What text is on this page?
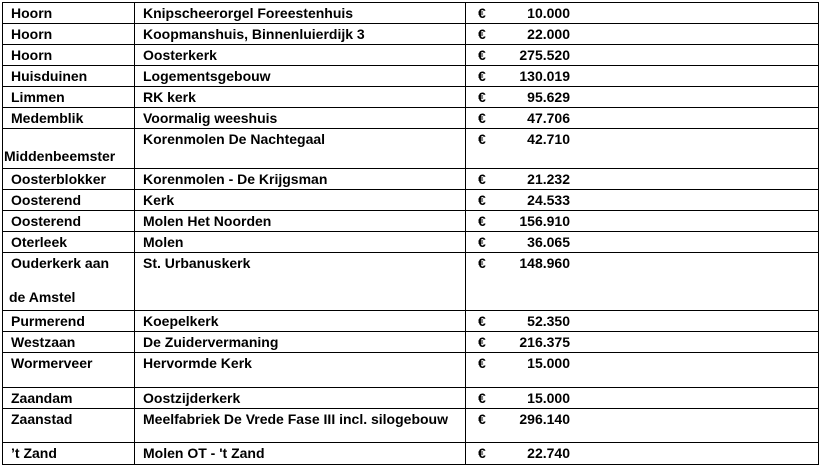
Hoorn	Knipscheerorgel Foreestenhuis	€ 10.000

Hoorn	Koopmanshuis, Binnenluierdijk 3	€ 22.000

Hoorn	Oosterkerk	€ 275.520

Huisduinen	Logementsgebouw	€ 130.019

Limmen	RK kerk	€ 95.629

Medemblik	Voormalig weeshuis	€ 47.706

Middenbeemster	Korenmolen De Nachtegaal	€ 42.710

Oosterblokker	Korenmolen - De Krijgsman	€ 21.232

Oosterend	Kerk	€ 24.533

Oosterend	Molen Het Noorden	€ 156.910

Oterleek	Molen	€ 36.065

Ouderkerk aan
de Amstel	St. Urbanuskerk	€ 148.960

Purmerend	Koepelkerk	€ 52.350

Westzaan	De Zuidervermaning	€ 216.375

Wormerveer	Hervormde Kerk	€ 15.000

Zaandam	Oostzijderkerk	€ 15.000

Zaanstad	Meelfabriek De Vrede Fase III incl. silogebouw	€ 296.140

’t Zand	Molen OT - 't Zand	€ 22.740
